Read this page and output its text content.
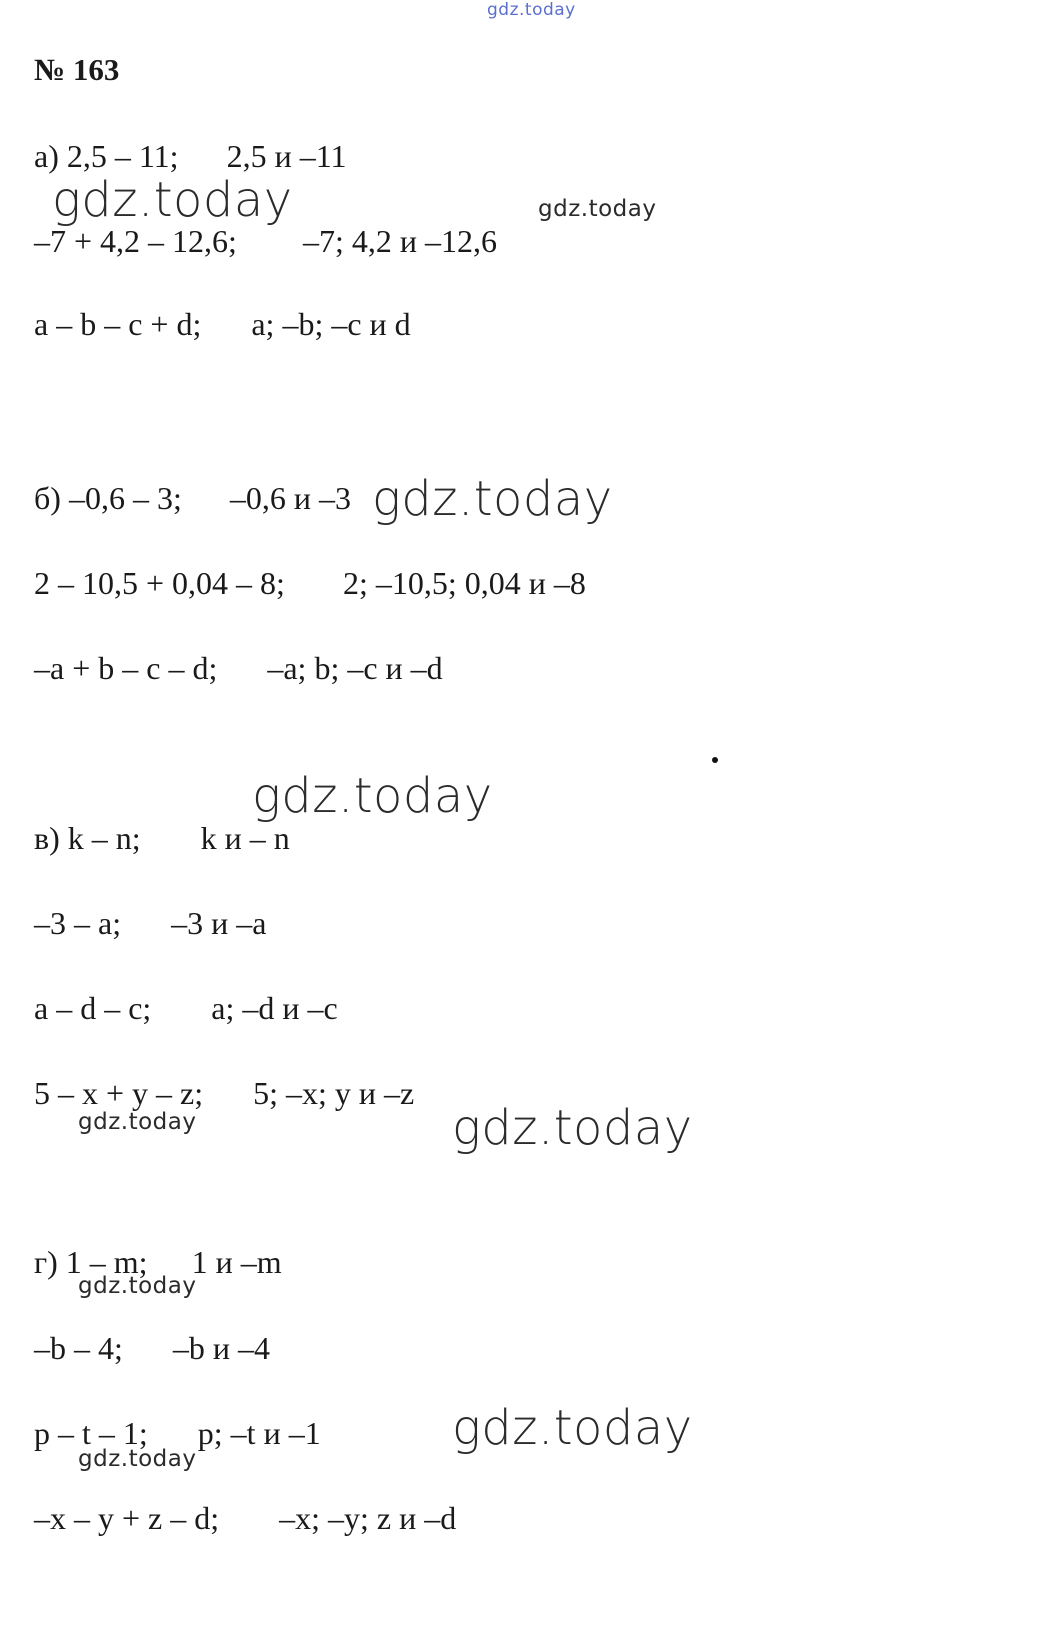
gdz.today
№ 163
а) 2,5 – 11; 2,5 и –11
–7 + 4,2 – 12,6; –7; 4,2 и –12,6
a – b – c + d; a; –b; –c и d
б) –0,6 – 3; –0,6 и –3
2 – 10,5 + 0,04 – 8; 2; –10,5; 0,04 и –8
–a + b – c – d; –a; b; –c и –d
в) k – n; k и – n
–3 – a; –3 и –a
a – d – c; a; –d и –c
5 – x + y – z; 5; –x; y и –z
г) 1 – m; 1 и –m
–b – 4; –b и –4
p – t – 1; p; –t и –1
–x – y + z – d; –x; –y; z и –d
gdz.today	gdz.today
gdz.today
gdz.today
gdz.today	gdz.today
gdz.today
gdz.today
gdz.today
